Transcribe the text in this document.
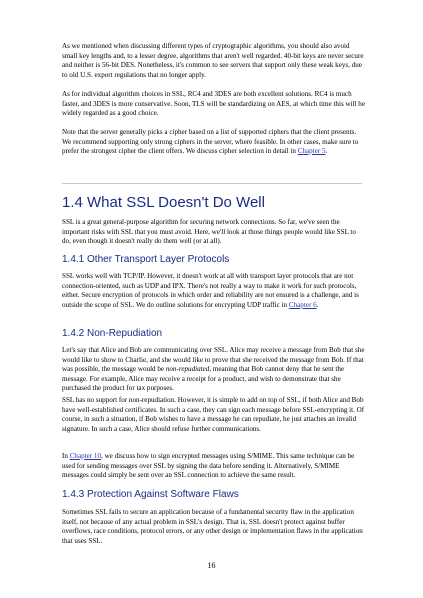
As we mentioned when discussing different types of cryptographic algorithms, you should also avoid small key lengths and, to a lesser degree, algorithms that aren't well regarded. 40-bit keys are never secure and neither is 56-bit DES. Nonetheless, it's common to see servers that support only these weak keys, due to old U.S. export regulations that no longer apply.

As for individual algorithm choices in SSL, RC4 and 3DES are both excellent solutions. RC4 is much faster, and 3DES is more conservative. Soon, TLS will be standardizing on AES, at which time this will be widely regarded as a good choice.

Note that the server generally picks a cipher based on a list of supported ciphers that the client presents. We recommend supporting only strong ciphers in the server, where feasible. In other cases, make sure to prefer the strongest cipher the client offers. We discuss cipher selection in detail in Chapter 5.

1.4 What SSL Doesn't Do Well

SSL is a great general-purpose algorithm for securing network connections. So far, we've seen the important risks with SSL that you must avoid. Here, we'll look at those things people would like SSL to do, even though it doesn't really do them well (or at all).

1.4.1 Other Transport Layer Protocols

SSL works well with TCP/IP. However, it doesn't work at all with transport layer protocols that are not connection-oriented, such as UDP and IPX. There's not really a way to make it work for such protocols, either. Secure encryption of protocols in which order and reliability are not ensured is a challenge, and is outside the scope of SSL. We do outline solutions for encrypting UDP traffic in Chapter 6.

1.4.2 Non-Repudiation

Let's say that Alice and Bob are communicating over SSL. Alice may receive a message from Bob that she would like to show to Charlie, and she would like to prove that she received the message from Bob. If that was possible, the message would be non-repudiated, meaning that Bob cannot deny that he sent the message. For example, Alice may receive a receipt for a product, and wish to demonstrate that she purchased the product for tax purposes.

SSL has no support for non-repudiation. However, it is simple to add on top of SSL, if both Alice and Bob have well-established certificates. In such a case, they can sign each message before SSL-encrypting it. Of course, in such a situation, if Bob wishes to have a message he can repudiate, he just attaches an invalid signature. In such a case, Alice should refuse further communications.

In Chapter 10, we discuss how to sign encrypted messages using S/MIME. This same technique can be used for sending messages over SSL by signing the data before sending it. Alternatively, S/MIME messages could simply be sent over an SSL connection to achieve the same result.

1.4.3 Protection Against Software Flaws

Sometimes SSL fails to secure an application because of a fundamental security flaw in the application itself, not because of any actual problem in SSL's design. That is, SSL doesn't protect against buffer overflows, race conditions, protocol errors, or any other design or implementation flaws in the application that uses SSL.

16
